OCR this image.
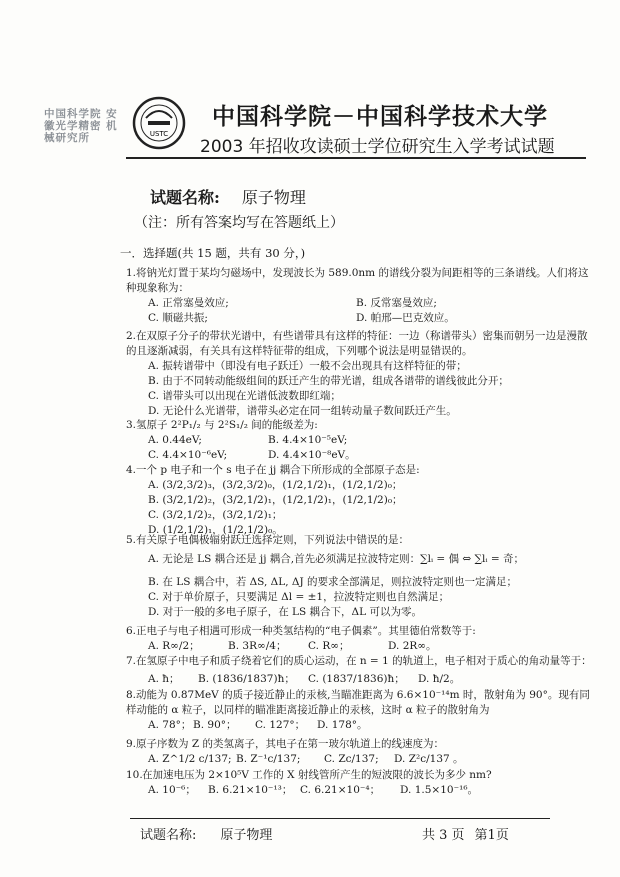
中国科学院 安徽光学精密 机械研究所	USTC
中国科学院－中国科学技术大学
2003 年招收攻读硕士学位研究生入学考试试题
试题名称: 原子物理
（注：所有答案均写在答题纸上）
一．选择题(共 15 题，共有 30 分，)
1.将钠光灯置于某均匀磁场中，发现波长为 589.0nm 的谱线分裂为间距相等的三条谱线。人们将这种现象称为：
A. 正常塞曼效应;	B. 反常塞曼效应;
C. 顺磁共振;	D. 帕邢—巴克效应。
2.在双原子分子的带状光谱中，有些谱带具有这样的特征：一边（称谱带头）密集而朝另一边是漫散的且逐渐减弱，有关具有这样特征带的组成，下列哪个说法是明显错误的。
A. 振转谱带中（即没有电子跃迁）一般不会出现具有这样特征的带；
B. 由于不同转动能级组间的跃迁产生的带光谱，组成各谱带的谱线彼此分开；
C. 谱带头可以出现在光谱低波数即红端；
D. 无论什么光谱带，谱带头必定在同一组转动量子数间跃迁产生。
3.氢原子 2²P₁/₂ 与 2²S₁/₂ 间的能级差为:
A. 0.44eV;	B. 4.4×10⁻⁵eV;
C. 4.4×10⁻⁶eV;	D. 4.4×10⁻⁸eV。
4.一个 p 电子和一个 s 电子在 jj 耦合下所形成的全部原子态是:
A. (3/2,3/2)₃，(3/2,3/2)₀，(1/2,1/2)₁，(1/2,1/2)₀；
B. (3/2,1/2)₂，(3/2,1/2)₁，(1/2,1/2)₁，(1/2,1/2)₀；
C. (3/2,1/2)₂，(3/2,1/2)₁；
D. (1/2,1/2)₁，(1/2,1/2)₀。
5.有关原子电偶极辐射跃迁选择定则，下列说法中错误的是：
A. 无论是 LS 耦合还是 jj 耦合,首先必须满足拉波特定则：∑lᵢ = 偶 ⇔ ∑lᵢ = 奇；
B. 在 LS 耦合中，若 ΔS, ΔL, ΔJ 的要求全部满足，则拉波特定则也一定满足；
C. 对于单价原子，只要满足 Δl = ±1，拉波特定则也自然满足；
D. 对于一般的多电子原子，在 LS 耦合下，ΔL 可以为零。
6.正电子与电子相遇可形成一种类氢结构的“电子偶素”。其里德伯常数等于:
A. R∞/2；	B. 3R∞/4；	C. R∞；	D. 2R∞。
7.在氢原子中电子和质子绕着它们的质心运动，在 n = 1 的轨道上，电子相对于质心的角动量等于：
A. ħ；	B. (1836/1837)ħ；	C. (1837/1836)ħ；	D. ħ/2。
8.动能为 0.87MeV 的质子接近静止的汞核,当瞄准距离为 6.6×10⁻¹⁴m 时，散射角为 90°。现有同样动能的 α 粒子，以同样的瞄准距离接近静止的汞核，这时 α 粒子的散射角为
A. 78°； B. 90°；	C. 127°；	D. 178°。
9.原子序数为 Z 的类氢离子，其电子在第一玻尔轨道上的线速度为：
A. Z^1/2 c/137; B. Z⁻¹c/137;	C. Zc/137;	D. Z²c/137 。
10.在加速电压为 2×10⁵V 工作的 X 射线管所产生的短波限的波长为多少 nm?
A. 10⁻⁶；	B. 6.21×10⁻¹³； C. 6.21×10⁻⁴；	D. 1.5×10⁻¹⁶。
试题名称: 原子物理	共 3 页 第1页
